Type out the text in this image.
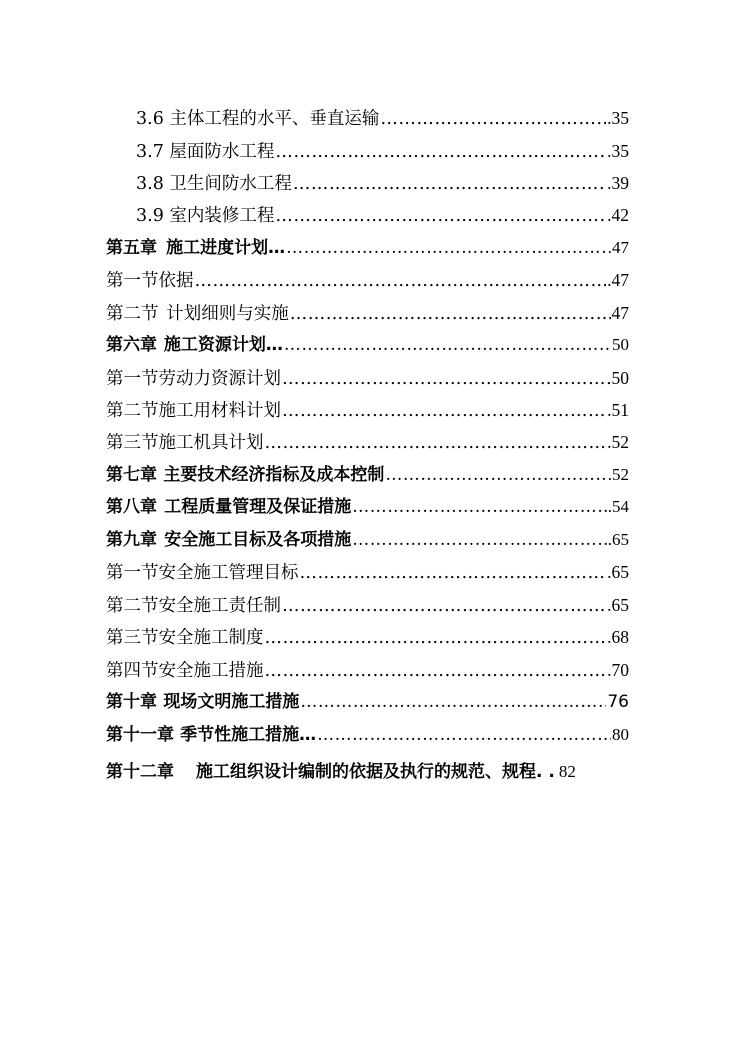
3.6 主体工程的水平、垂直运输 ………………………………………………………………………………………………………………………………………………………………	.35
3.7 屋面防水工程 ………………………………………………………………………………………………………………………………………………………………	.35
3.8 卫生间防水工程 ………………………………………………………………………………………………………………………………………………………………	.39
3.9 室内装修工程 ………………………………………………………………………………………………………………………………………………………………	.42
第五章 施工进度计划… ………………………………………………………………………………………………………………………………………………………………	.47
第一节依据 ………………………………………………………………………………………………………………………………………………………………	.47
第二节 计划细则与实施 ………………………………………………………………………………………………………………………………………………………………	47
第六章 施工资源计划… ………………………………………………………………………………………………………………………………………………………………	50
第一节劳动力资源计划 ………………………………………………………………………………………………………………………………………………………………	50
第二节施工用材料计划 ………………………………………………………………………………………………………………………………………………………………	.51
第三节施工机具计划 ………………………………………………………………………………………………………………………………………………………………	.52
第七章 主要技术经济指标及成本控制 ………………………………………………………………………………………………………………………………………………………………	.52
第八章 工程质量管理及保证措施 ………………………………………………………………………………………………………………………………………………………………	.54
第九章 安全施工目标及各项措施 ………………………………………………………………………………………………………………………………………………………………	.65
第一节安全施工管理目标 ………………………………………………………………………………………………………………………………………………………………	.65
第二节安全施工责任制 ………………………………………………………………………………………………………………………………………………………………	.65
第三节安全施工制度 ………………………………………………………………………………………………………………………………………………………………	.68
第四节安全施工措施 ………………………………………………………………………………………………………………………………………………………………	.70
第十章 现场文明施工措施 ………………………………………………………………………………………………………………………………………………………………	76
第十一章 季节性施工措施… ………………………………………………………………………………………………………………………………………………………………	80
第十二章 施工组织设计编制的依据及执行的规范、规程. . 82
